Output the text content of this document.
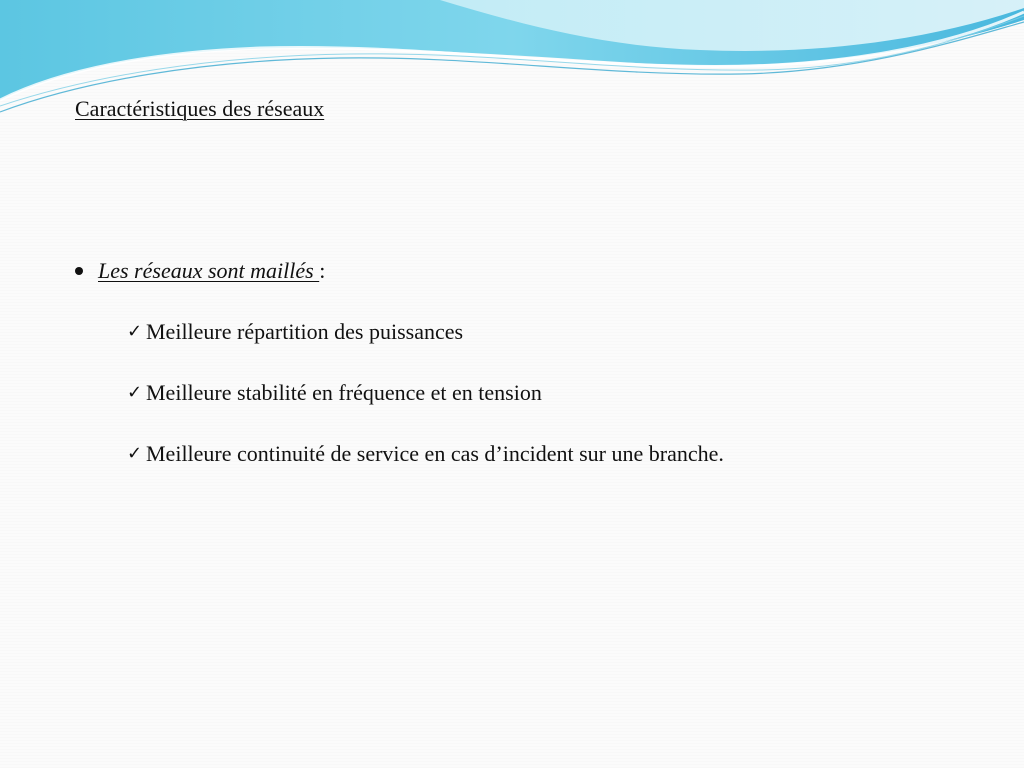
Caractéristiques des réseaux
Les réseaux sont maillés :
✓ Meilleure répartition des puissances
✓ Meilleure stabilité en fréquence et en tension
✓ Meilleure continuité de service en cas d’incident sur une branche.
